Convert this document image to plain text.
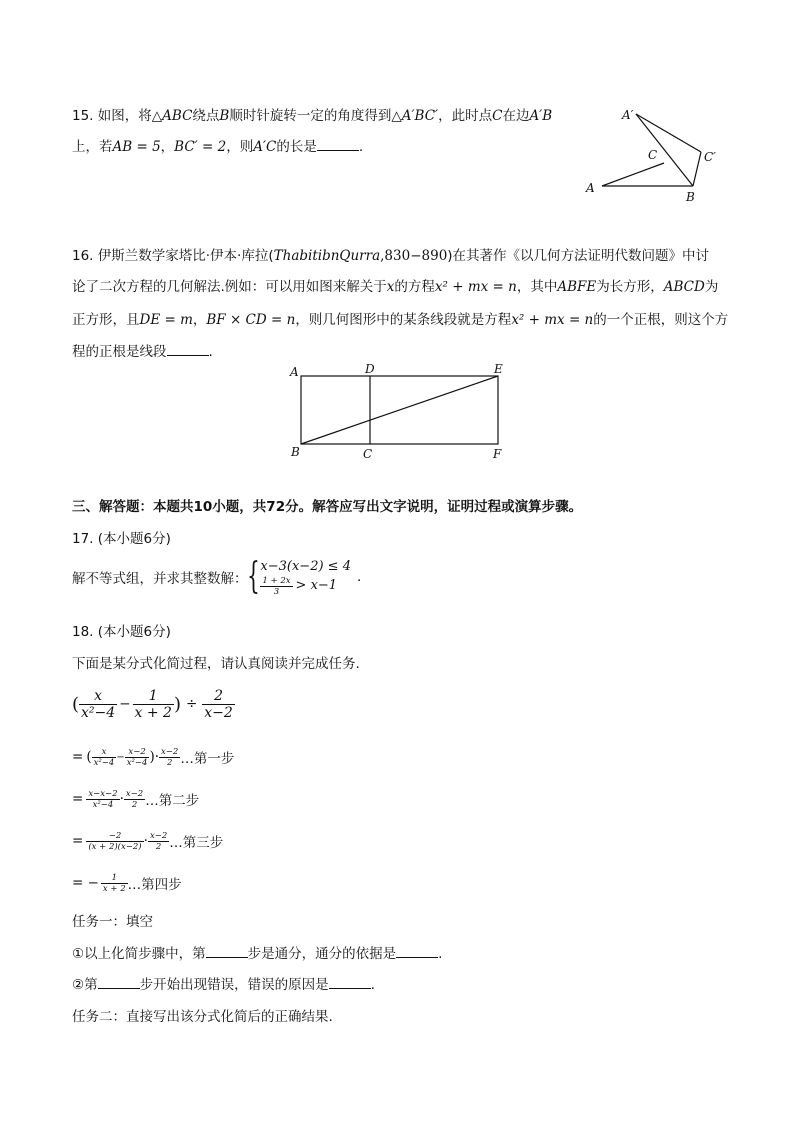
15. 如图，将△ABC绕点B顺时针旋转一定的角度得到△A′BC′，此时点C在边A′B
上，若AB = 5，BC′ = 2，则A′C的长是	.
A′
C	C′
A
B
16. 伊斯兰数学家塔比·伊本·库拉(ThabitibnQurra,830−890)在其著作《以几何方法证明代数问题》中讨
论了二次方程的几何解法.例如：可以用如图来解关于x的方程x² + mx = n，其中ABFE为长方形，ABCD为
正方形，且DE = m，BF × CD = n，则几何图形中的某条线段就是方程x² + mx = n的一个正根，则这个方
程的正根是线段	.
A	D	E
B	C	F
三、解答题：本题共10小题，共72分。解答应写出文字说明，证明过程或演算步骤。
17. (本小题6分)
解不等式组，并求其整数解： { x−3(x−2) ≤ 4
$\frac{1 + 2x}{3} > x-1$
.
18. (本小题6分)
下面是某分式化简过程，请认真阅读并完成任务.
( $\frac{x}{\text{x²−4}} - \frac{1}{x + 2}$ ) ÷ $\frac{2}{x-2}$
= ( $\frac{x}{\text{x²−4}} - \frac{x-2}{\text{x²−4}}$ )· $\frac{x-2}{2}$ …第一步
= $\frac{x-x-2}{\text{x²−4}} \cdot \frac{x-2}{2}$ …第二步
= $\frac{-2}{(x + 2)(x-2)} \cdot \frac{x-2}{2}$ …第三步
= − $\frac{1}{x + 2}$ …第四步
任务一：填空
①以上化简步骤中，第	步是通分，通分的依据是	.
②第	步开始出现错误，错误的原因是	.
任务二：直接写出该分式化简后的正确结果.
